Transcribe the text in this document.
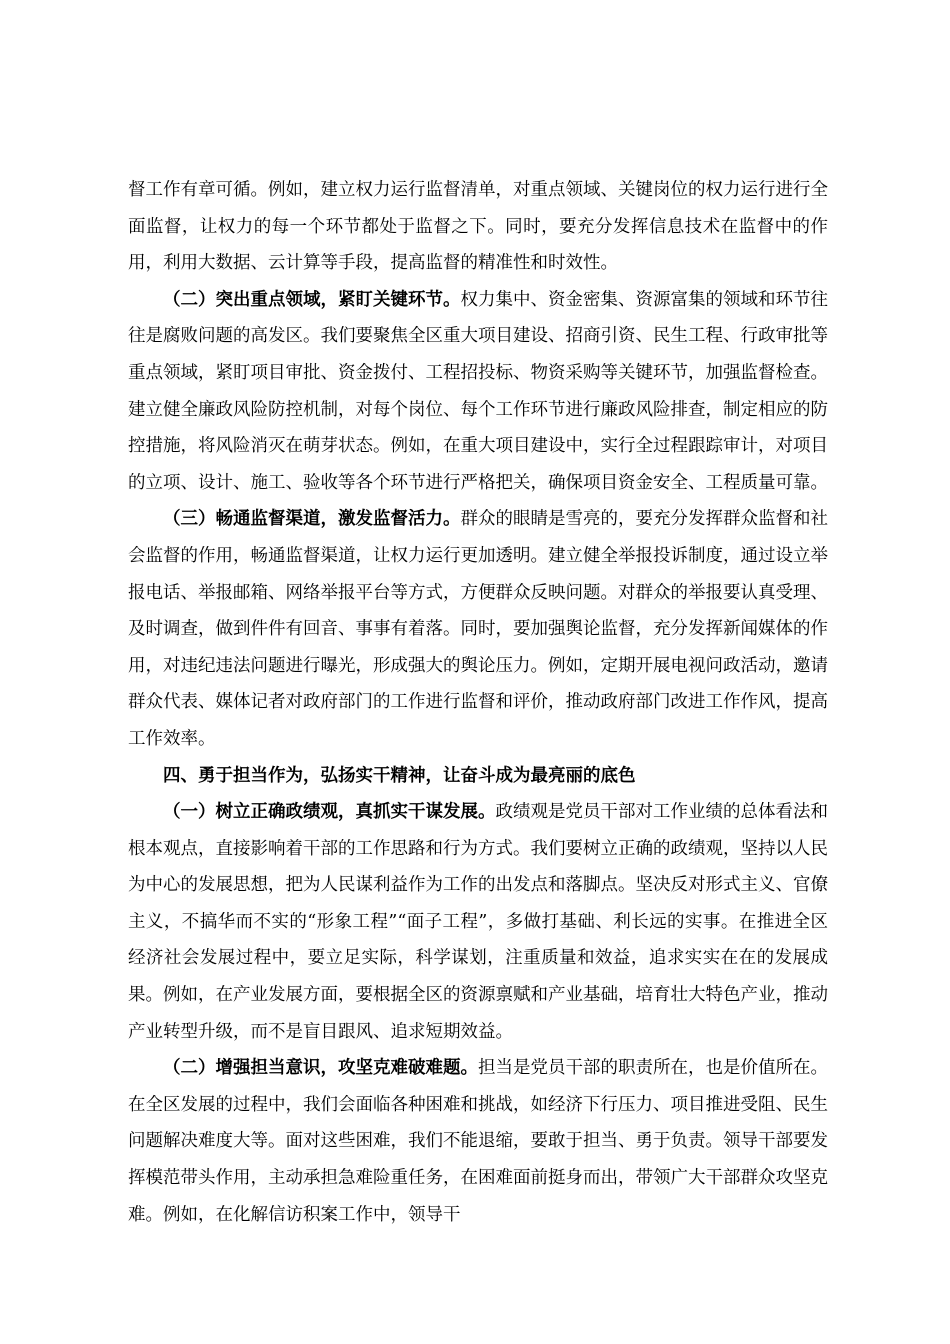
督工作有章可循。例如，建立权力运行监督清单，对重点领域、关键岗位的权力运行进行全面监督，让权力的每一个环节都处于监督之下。同时，要充分发挥信息技术在监督中的作用，利用大数据、云计算等手段，提高监督的精准性和时效性。

（二）突出重点领域，紧盯关键环节。权力集中、资金密集、资源富集的领域和环节往往是腐败问题的高发区。我们要聚焦全区重大项目建设、招商引资、民生工程、行政审批等重点领域，紧盯项目审批、资金拨付、工程招投标、物资采购等关键环节，加强监督检查。建立健全廉政风险防控机制，对每个岗位、每个工作环节进行廉政风险排查，制定相应的防控措施，将风险消灭在萌芽状态。例如，在重大项目建设中，实行全过程跟踪审计，对项目的立项、设计、施工、验收等各个环节进行严格把关，确保项目资金安全、工程质量可靠。

（三）畅通监督渠道，激发监督活力。群众的眼睛是雪亮的，要充分发挥群众监督和社会监督的作用，畅通监督渠道，让权力运行更加透明。建立健全举报投诉制度，通过设立举报电话、举报邮箱、网络举报平台等方式，方便群众反映问题。对群众的举报要认真受理、及时调查，做到件件有回音、事事有着落。同时，要加强舆论监督，充分发挥新闻媒体的作用，对违纪违法问题进行曝光，形成强大的舆论压力。例如，定期开展电视问政活动，邀请群众代表、媒体记者对政府部门的工作进行监督和评价，推动政府部门改进工作作风，提高工作效率。

四、勇于担当作为，弘扬实干精神，让奋斗成为最亮丽的底色

（一）树立正确政绩观，真抓实干谋发展。政绩观是党员干部对工作业绩的总体看法和根本观点，直接影响着干部的工作思路和行为方式。我们要树立正确的政绩观，坚持以人民为中心的发展思想，把为人民谋利益作为工作的出发点和落脚点。坚决反对形式主义、官僚主义，不搞华而不实的“形象工程”“面子工程”，多做打基础、利长远的实事。在推进全区经济社会发展过程中，要立足实际，科学谋划，注重质量和效益，追求实实在在的发展成果。例如，在产业发展方面，要根据全区的资源禀赋和产业基础，培育壮大特色产业，推动产业转型升级，而不是盲目跟风、追求短期效益。

（二）增强担当意识，攻坚克难破难题。担当是党员干部的职责所在，也是价值所在。在全区发展的过程中，我们会面临各种困难和挑战，如经济下行压力、项目推进受阻、民生问题解决难度大等。面对这些困难，我们不能退缩，要敢于担当、勇于负责。领导干部要发挥模范带头作用，主动承担急难险重任务，在困难面前挺身而出，带领广大干部群众攻坚克难。例如，在化解信访积案工作中，领导干
